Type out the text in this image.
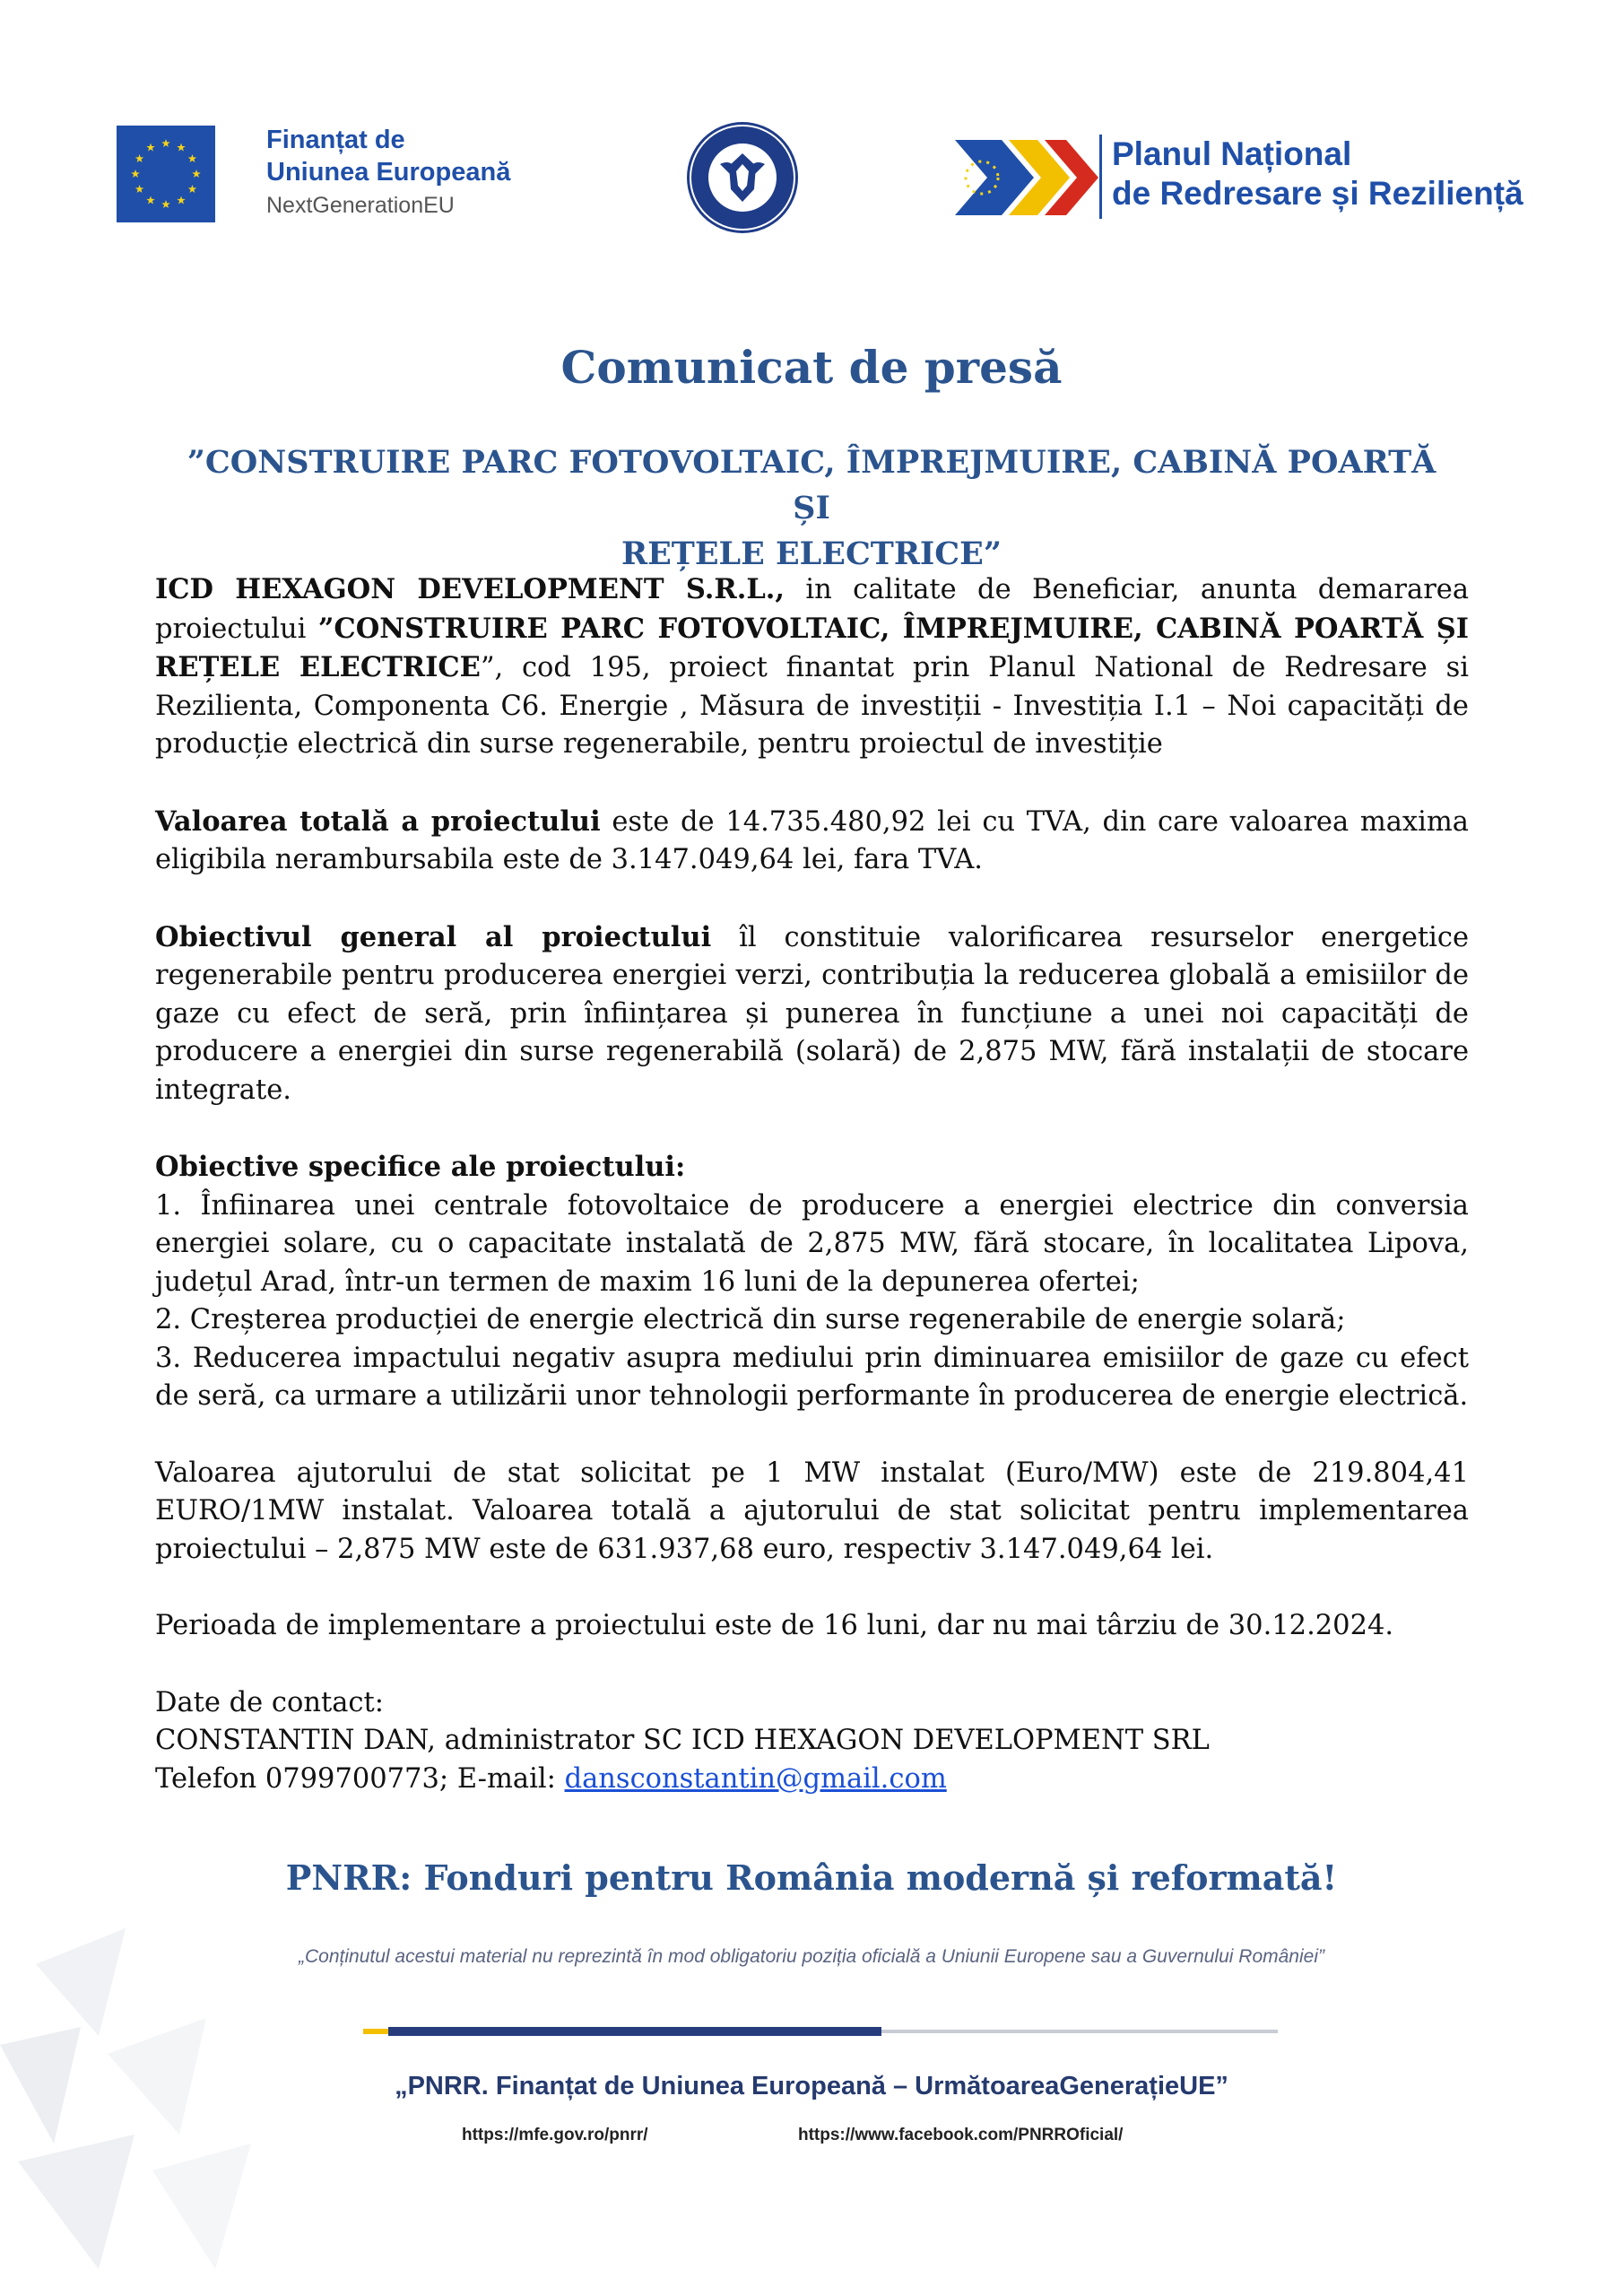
Finanțat de
Uniunea Europeană
NextGenerationEU
Planul Național
de Redresare și Reziliență
Comunicat de presă
”CONSTRUIRE PARC FOTOVOLTAIC, ÎMPREJMUIRE, CABINĂ POARTĂ ȘI
REȚELE ELECTRICE”

ICD HEXAGON DEVELOPMENT S.R.L., in calitate de Beneficiar, anunta demararea proiectului ”CONSTRUIRE PARC FOTOVOLTAIC, ÎMPREJMUIRE, CABINĂ POARTĂ ȘI REȚELE ELECTRICE”, cod 195, proiect finantat prin Planul National de Redresare si Rezilienta, Componenta C6. Energie , Măsura de investiții - Investiția I.1 – Noi capacități de producție electrică din surse regenerabile, pentru proiectul de investiție

Valoarea totală a proiectului este de 14.735.480,92 lei cu TVA, din care valoarea maxima eligibila nerambursabila este de 3.147.049,64 lei, fara TVA.

Obiectivul general al proiectului îl constituie valorificarea resurselor energetice regenerabile pentru producerea energiei verzi, contribuția la reducerea globală a emisiilor de gaze cu efect de seră, prin înființarea și punerea în funcțiune a unei noi capacități de producere a energiei din surse regenerabilă (solară) de 2,875 MW, fără instalații de stocare integrate.

Obiective specifice ale proiectului:
1. Înfiinarea unei centrale fotovoltaice de producere a energiei electrice din conversia energiei solare, cu o capacitate instalată de 2,875 MW, fără stocare, în localitatea Lipova, județul Arad, într-un termen de maxim 16 luni de la depunerea ofertei;
2. Creșterea producției de energie electrică din surse regenerabile de energie solară;
3. Reducerea impactului negativ asupra mediului prin diminuarea emisiilor de gaze cu efect de seră, ca urmare a utilizării unor tehnologii performante în producerea de energie electrică.

Valoarea ajutorului de stat solicitat pe 1 MW instalat (Euro/MW) este de 219.804,41 EURO/1MW instalat. Valoarea totală a ajutorului de stat solicitat pentru implementarea proiectului – 2,875 MW este de 631.937,68 euro, respectiv 3.147.049,64 lei.

Perioada de implementare a proiectului este de 16 luni, dar nu mai târziu de 30.12.2024.

Date de contact:
CONSTANTIN DAN, administrator SC ICD HEXAGON DEVELOPMENT SRL
Telefon 0799700773; E-mail: dansconstantin@gmail.com

PNRR: Fonduri pentru România modernă și reformată!
„Conținutul acestui material nu reprezintă în mod obligatoriu poziția oficială a Uniunii Europene sau a Guvernului României”
„PNRR. Finanțat de Uniunea Europeană – UrmătoareaGenerațieUE”
https://mfe.gov.ro/pnrr/	https://www.facebook.com/PNRROficial/
